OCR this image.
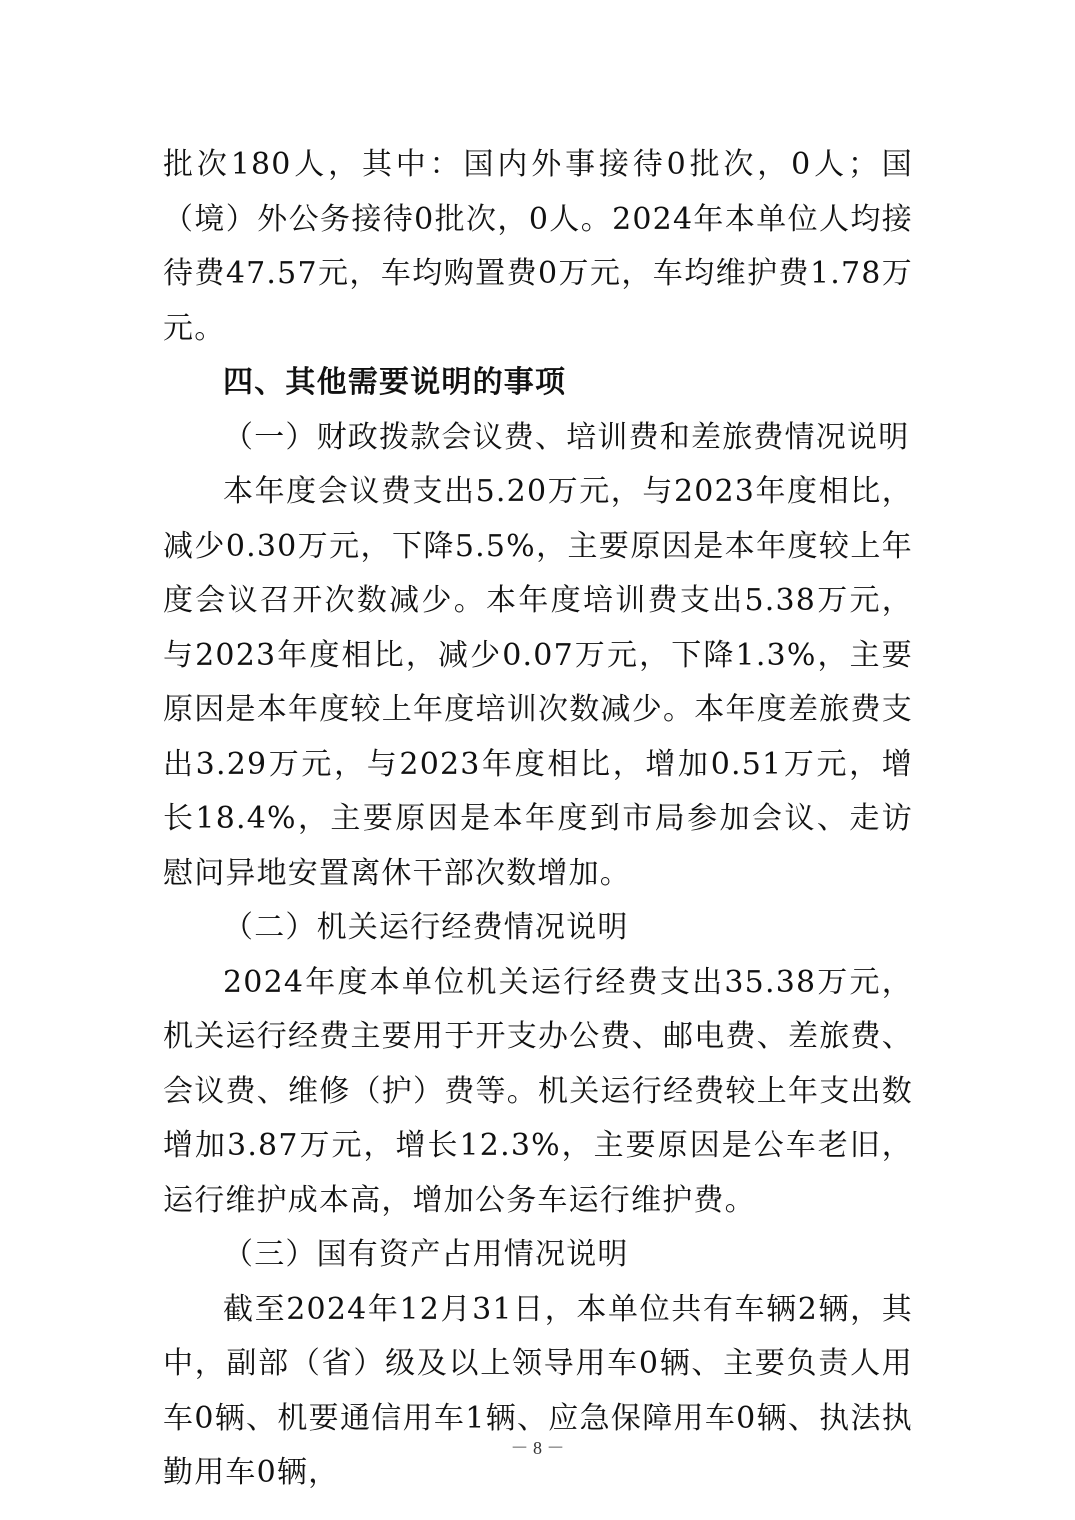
批次180人，其中：国内外事接待0批次，0人；国（境）外公务接待0批次，0人。2024年本单位人均接待费47.57元，车均购置费0万元，车均维护费1.78万元。

四、其他需要说明的事项

（一）财政拨款会议费、培训费和差旅费情况说明

本年度会议费支出5.20万元，与2023年度相比，减少0.30万元，下降5.5%，主要原因是本年度较上年度会议召开次数减少。本年度培训费支出5.38万元，与2023年度相比，减少0.07万元，下降1.3%，主要原因是本年度较上年度培训次数减少。本年度差旅费支出3.29万元，与2023年度相比，增加0.51万元，增长18.4%，主要原因是本年度到市局参加会议、走访慰问异地安置离休干部次数增加。

（二）机关运行经费情况说明

2024年度本单位机关运行经费支出35.38万元，机关运行经费主要用于开支办公费、邮电费、差旅费、会议费、维修（护）费等。机关运行经费较上年支出数增加3.87万元，增长12.3%，主要原因是公车老旧，运行维护成本高，增加公务车运行维护费。

（三）国有资产占用情况说明

截至2024年12月31日，本单位共有车辆2辆，其中，副部（省）级及以上领导用车0辆、主要负责人用车0辆、机要通信用车1辆、应急保障用车0辆、执法执勤用车0辆，

－ 8 －
